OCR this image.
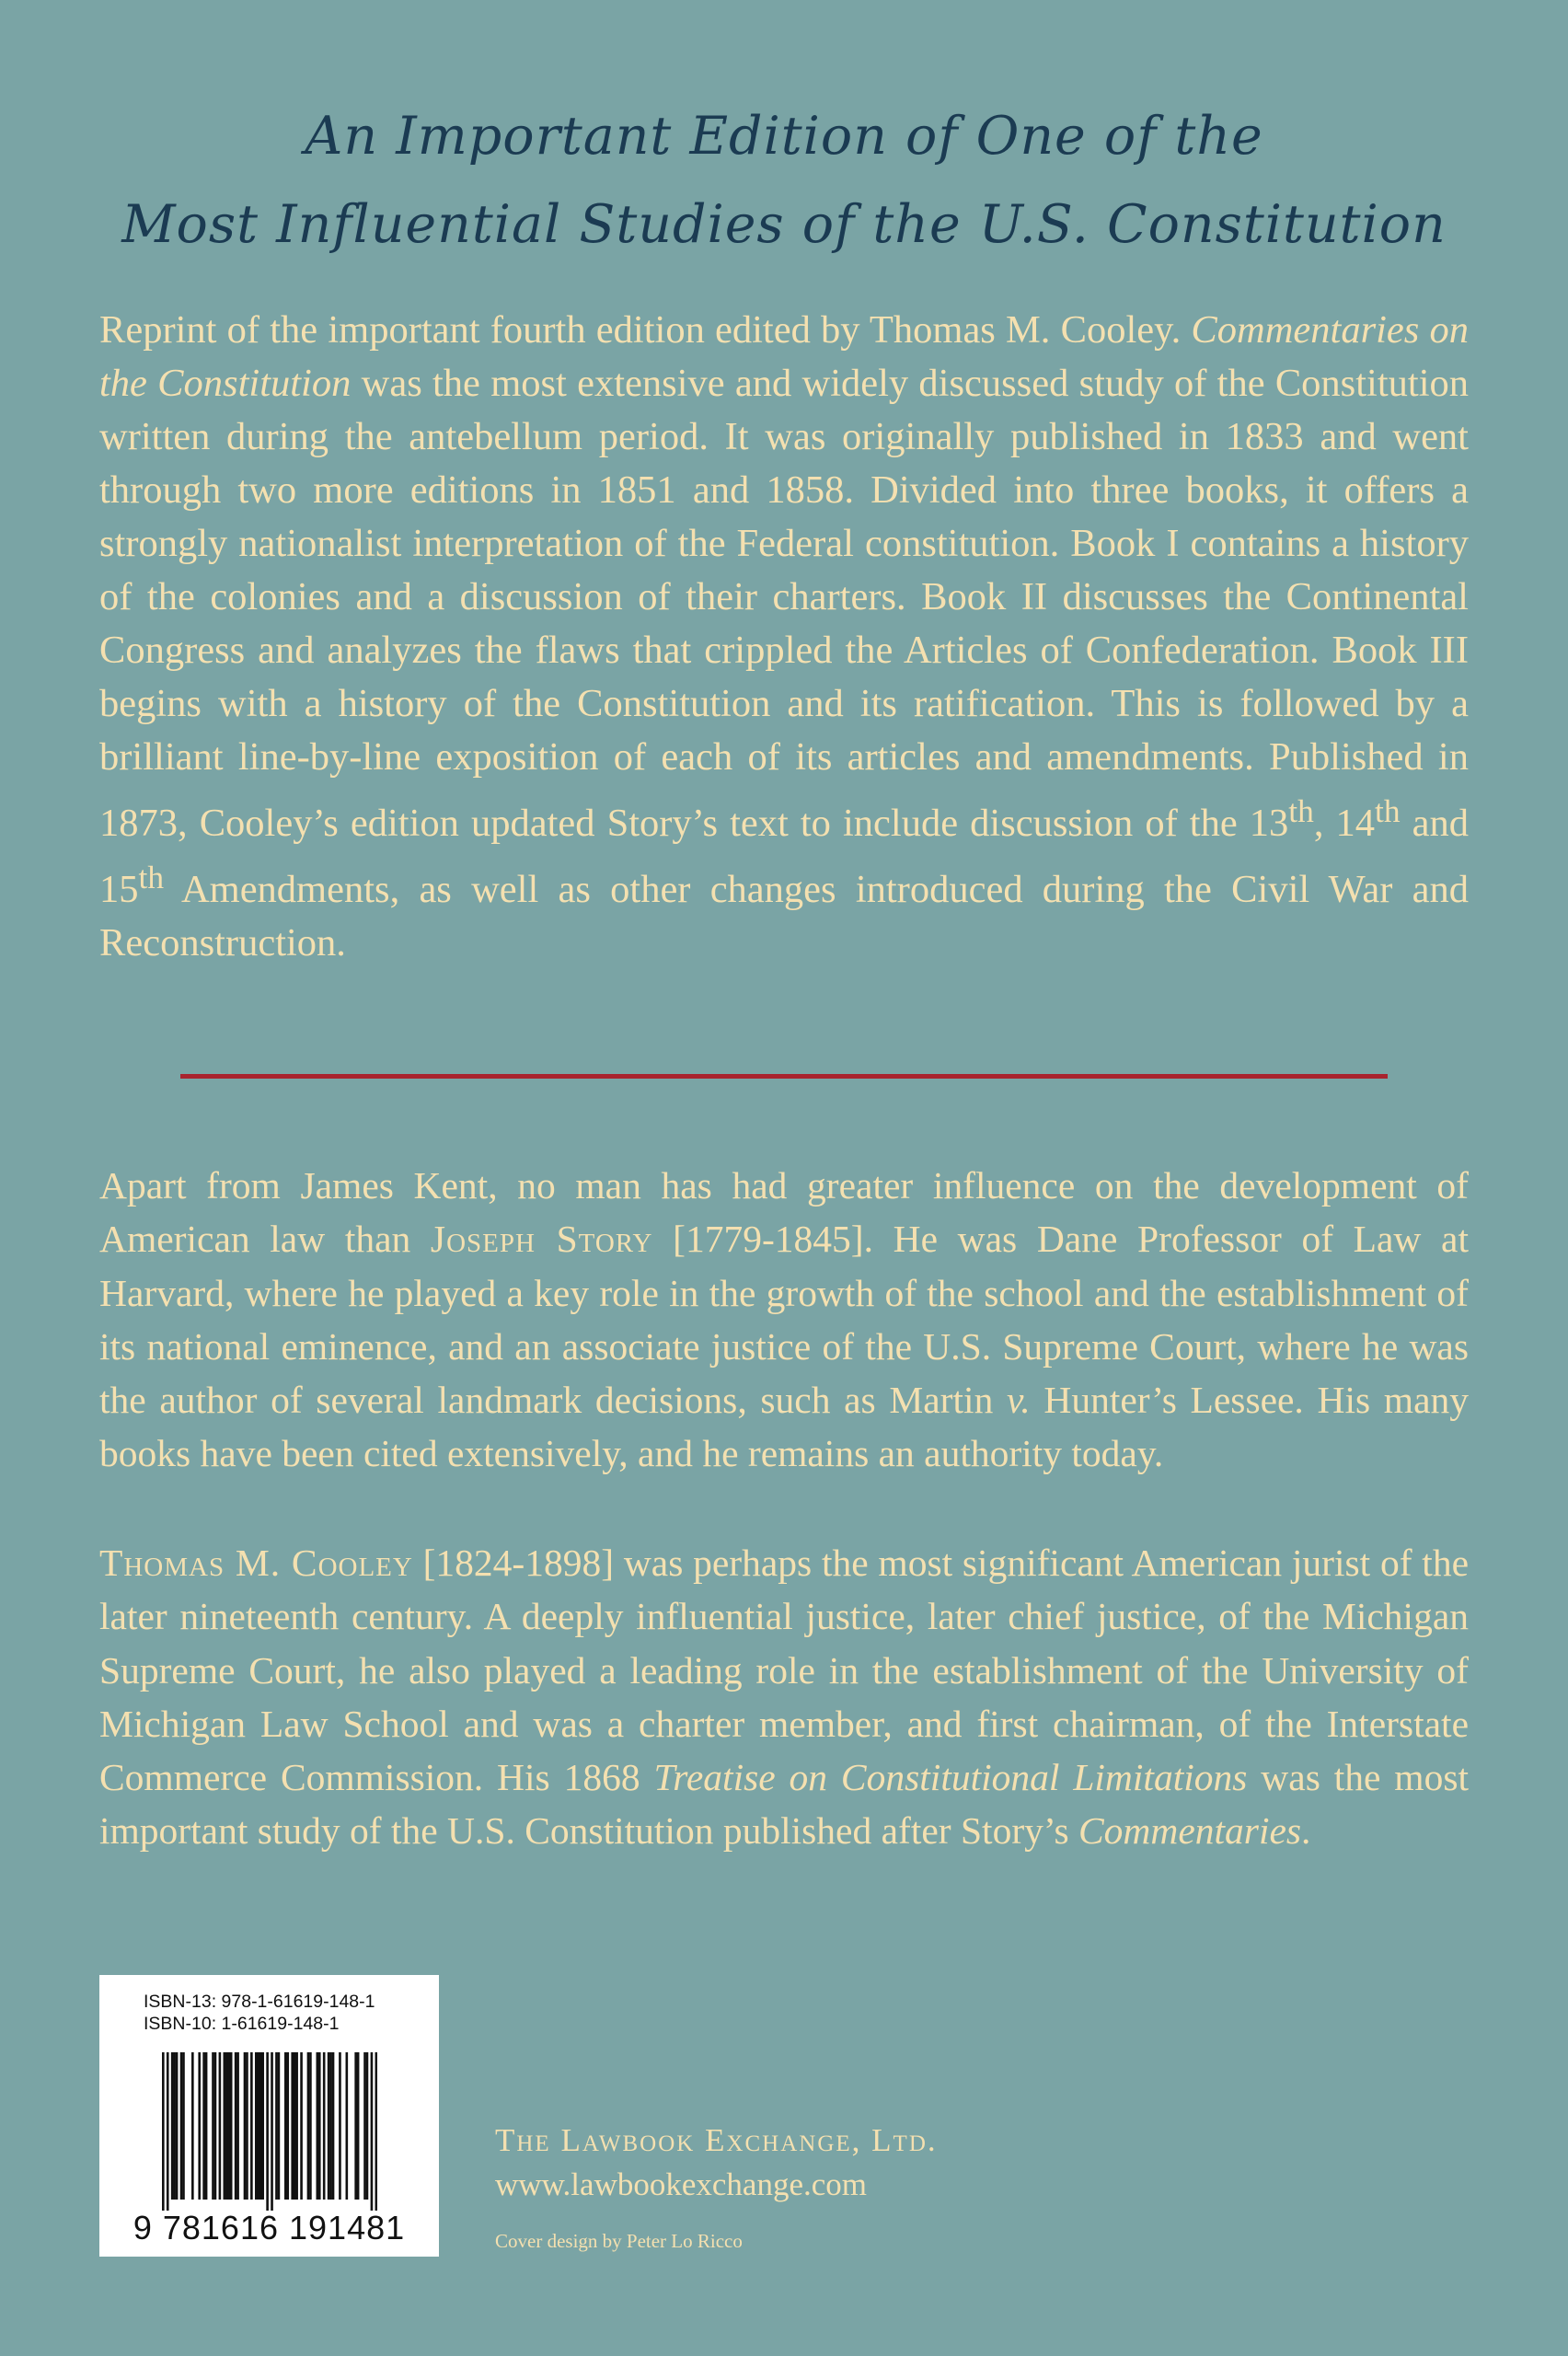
An Important Edition of One of the
Most Influential Studies of the U.S. Constitution

Reprint of the important fourth edition edited by Thomas M. Cooley. Commentaries on the Constitution was the most extensive and widely discussed study of the Constitution written during the antebellum period. It was originally published in 1833 and went through two more editions in 1851 and 1858. Divided into three books, it offers a strongly nationalist interpretation of the Federal constitution. Book I contains a history of the colonies and a discussion of their charters. Book II discusses the Continental Congress and analyzes the flaws that crippled the Articles of Confederation. Book III begins with a history of the Constitution and its ratification. This is followed by a brilliant line-by-line exposition of each of its articles and amendments. Published in 1873, Cooley’s edition updated Story’s text to include discussion of the 13th, 14th and 15th Amendments, as well as other changes introduced during the Civil War and Reconstruction.

Apart from James Kent, no man has had greater influence on the development of American law than Joseph Story [1779-1845]. He was Dane Professor of Law at Harvard, where he played a key role in the growth of the school and the establishment of its national eminence, and an associate justice of the U.S. Supreme Court, where he was the author of several landmark decisions, such as Martin v. Hunter’s Lessee. His many books have been cited extensively, and he remains an authority today.

Thomas M. Cooley [1824-1898] was perhaps the most significant American jurist of the later nineteenth century. A deeply influential justice, later chief justice, of the Michigan Supreme Court, he also played a leading role in the establishment of the University of Michigan Law School and was a charter member, and first chairman, of the Interstate Commerce Commission. His 1868 Treatise on Constitutional Limitations was the most important study of the U.S. Constitution published after Story’s Commentaries.

ISBN-13: 978-1-61619-148-1
ISBN-10: 1-61619-148-1
9 781616 191481
The Lawbook Exchange, Ltd.
www.lawbookexchange.com
Cover design by Peter Lo Ricco
